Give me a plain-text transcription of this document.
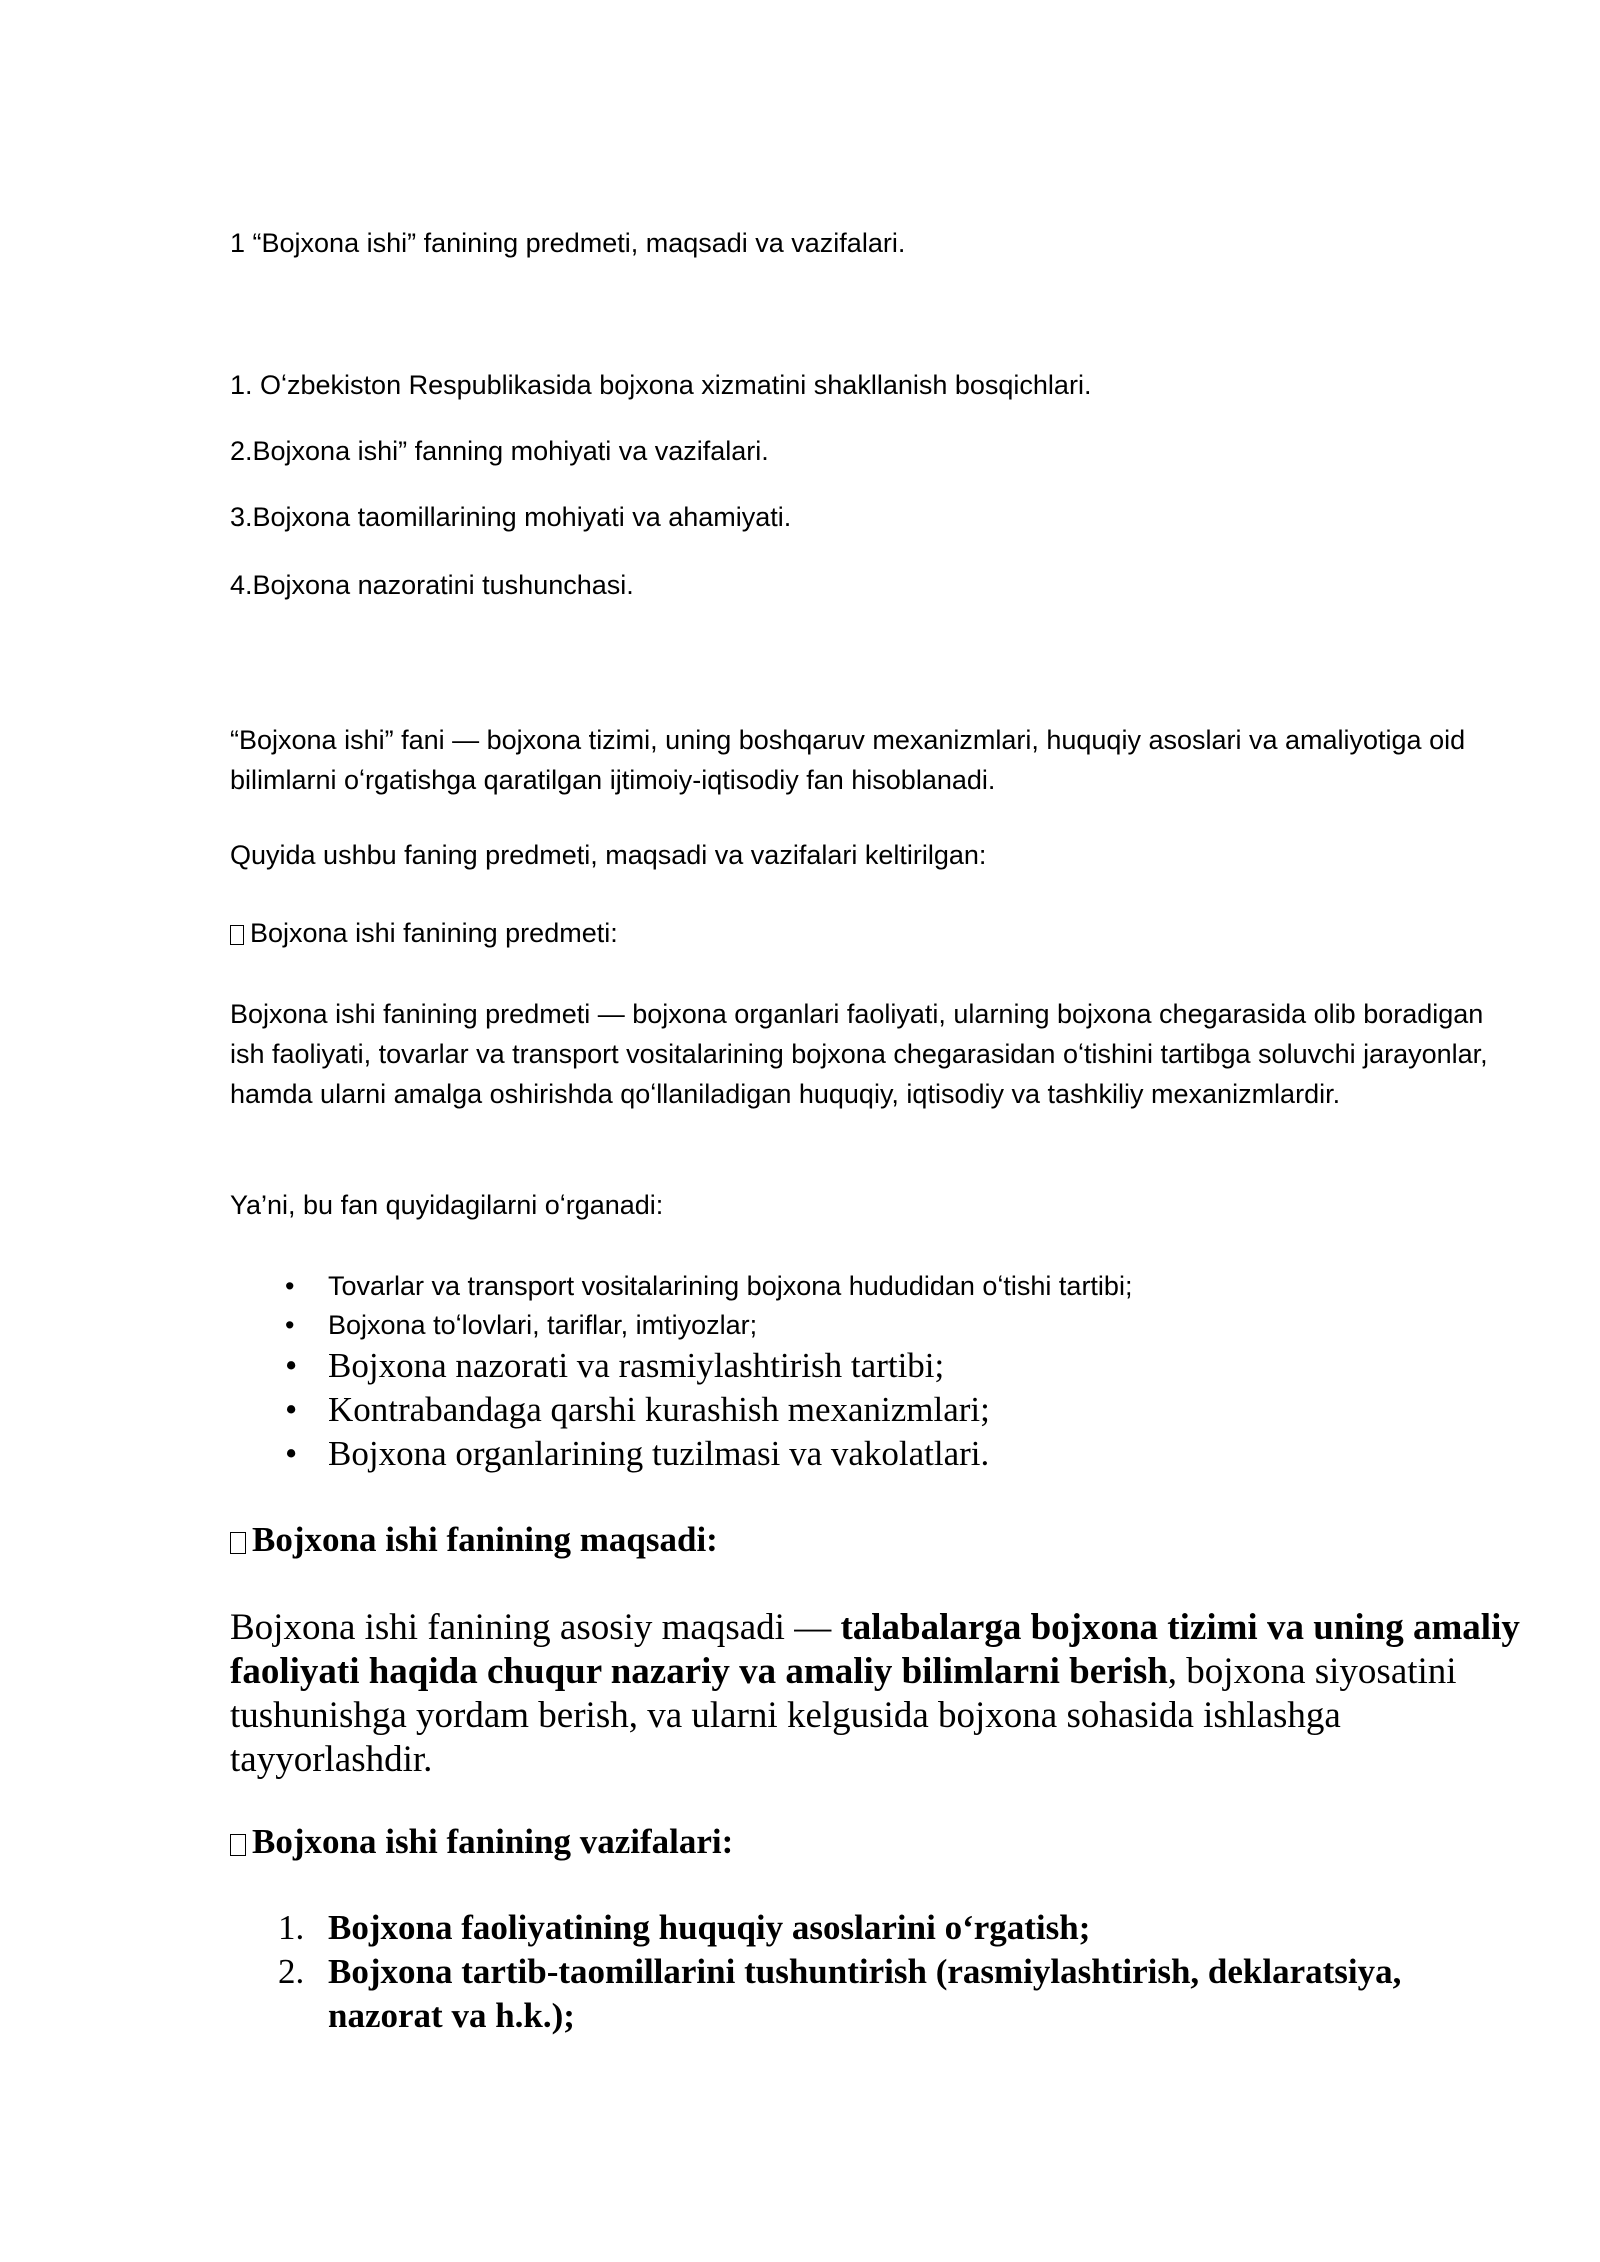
1 “Bojxona ishi” fanining predmeti, maqsadi va vazifalari.

1. Oʻzbekiston Respublikasida bojxona xizmatini shakllanish bosqichlari.

2.Bojxona ishi” fanning mohiyati va vazifalari.

3.Bojxona taomillarining mohiyati va ahamiyati.

4.Bojxona nazoratini tushunchasi.

“Bojxona ishi” fani — bojxona tizimi, uning boshqaruv mexanizmlari, huquqiy asoslari va amaliyotiga oid bilimlarni oʻrgatishga qaratilgan ijtimoiy-iqtisodiy fan hisoblanadi.

Quyida ushbu faning predmeti, maqsadi va vazifalari keltirilgan:

Bojxona ishi fanining predmeti:

Bojxona ishi fanining predmeti — bojxona organlari faoliyati, ularning bojxona chegarasida olib boradigan ish faoliyati, tovarlar va transport vositalarining bojxona chegarasidan oʻtishini tartibga soluvchi jarayonlar, hamda ularni amalga oshirishda qoʻllaniladigan huquqiy, iqtisodiy va tashkiliy mexanizmlardir.

Ya’ni, bu fan quyidagilarni oʻrganadi:

• Tovarlar va transport vositalarining bojxona hududidan oʻtishi tartibi;
• Bojxona toʻlovlari, tariflar, imtiyozlar;
• Bojxona nazorati va rasmiylashtirish tartibi;
• Kontrabandaga qarshi kurashish mexanizmlari;
• Bojxona organlarining tuzilmasi va vakolatlari.

Bojxona ishi fanining maqsadi:

Bojxona ishi fanining asosiy maqsadi — talabalarga bojxona tizimi va uning amaliy faoliyati haqida chuqur nazariy va amaliy bilimlarni berish, bojxona siyosatini tushunishga yordam berish, va ularni kelgusida bojxona sohasida ishlashga tayyorlashdir.

Bojxona ishi fanining vazifalari:

1. Bojxona faoliyatining huquqiy asoslarini oʻrgatish;
2. Bojxona tartib-taomillarini tushuntirish (rasmiylashtirish, deklaratsiya, nazorat va h.k.);
